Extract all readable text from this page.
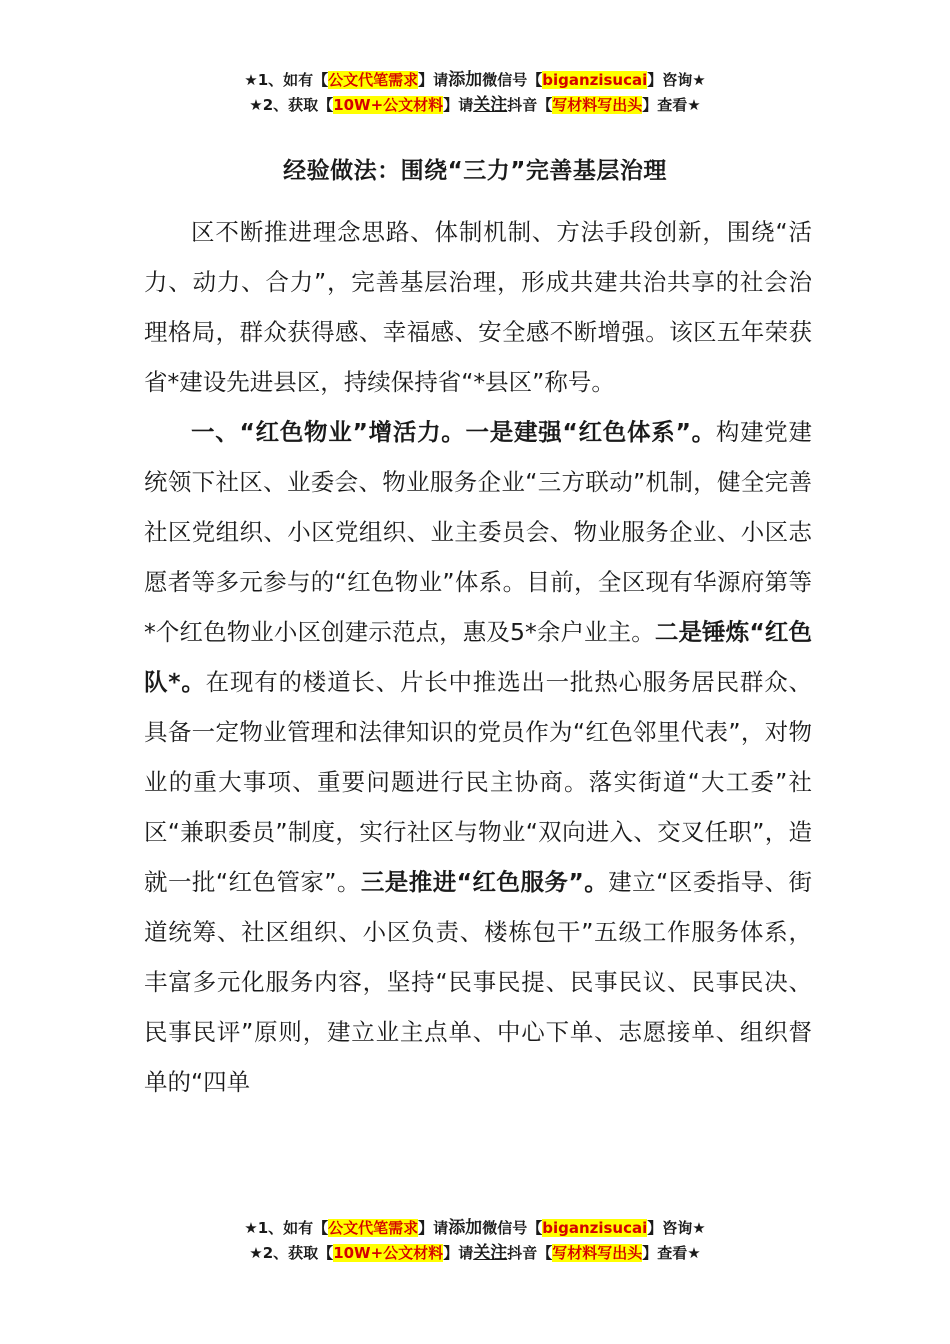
★1、如有【公文代笔需求】请添加微信号【biganzisucai】咨询★
★2、获取【10W+公文材料】请关注抖音【写材料写出头】查看★
经验做法：围绕“三力”完善基层治理

区不断推进理念思路、体制机制、方法手段创新，围绕“活力、动力、合力”，完善基层治理，形成共建共治共享的社会治理格局，群众获得感、幸福感、安全感不断增强。该区五年荣获省*建设先进县区，持续保持省“*县区”称号。

一、“红色物业”增活力。一是建强“红色体系”。构建党建统领下社区、业委会、物业服务企业“三方联动”机制，健全完善社区党组织、小区党组织、业主委员会、物业服务企业、小区志愿者等多元参与的“红色物业”体系。目前，全区现有华源府第等*个红色物业小区创建示范点，惠及5*余户业主。二是锤炼“红色队*。在现有的楼道长、片长中推选出一批热心服务居民群众、具备一定物业管理和法律知识的党员作为“红色邻里代表”，对物业的重大事项、重要问题进行民主协商。落实街道“大工委”社区“兼职委员”制度，实行社区与物业“双向进入、交叉任职”，造就一批“红色管家”。三是推进“红色服务”。建立“区委指导、街道统筹、社区组织、小区负责、楼栋包干”五级工作服务体系，丰富多元化服务内容，坚持“民事民提、民事民议、民事民决、民事民评”原则，建立业主点单、中心下单、志愿接单、组织督单的“四单

★1、如有【公文代笔需求】请添加微信号【biganzisucai】咨询★
★2、获取【10W+公文材料】请关注抖音【写材料写出头】查看★
